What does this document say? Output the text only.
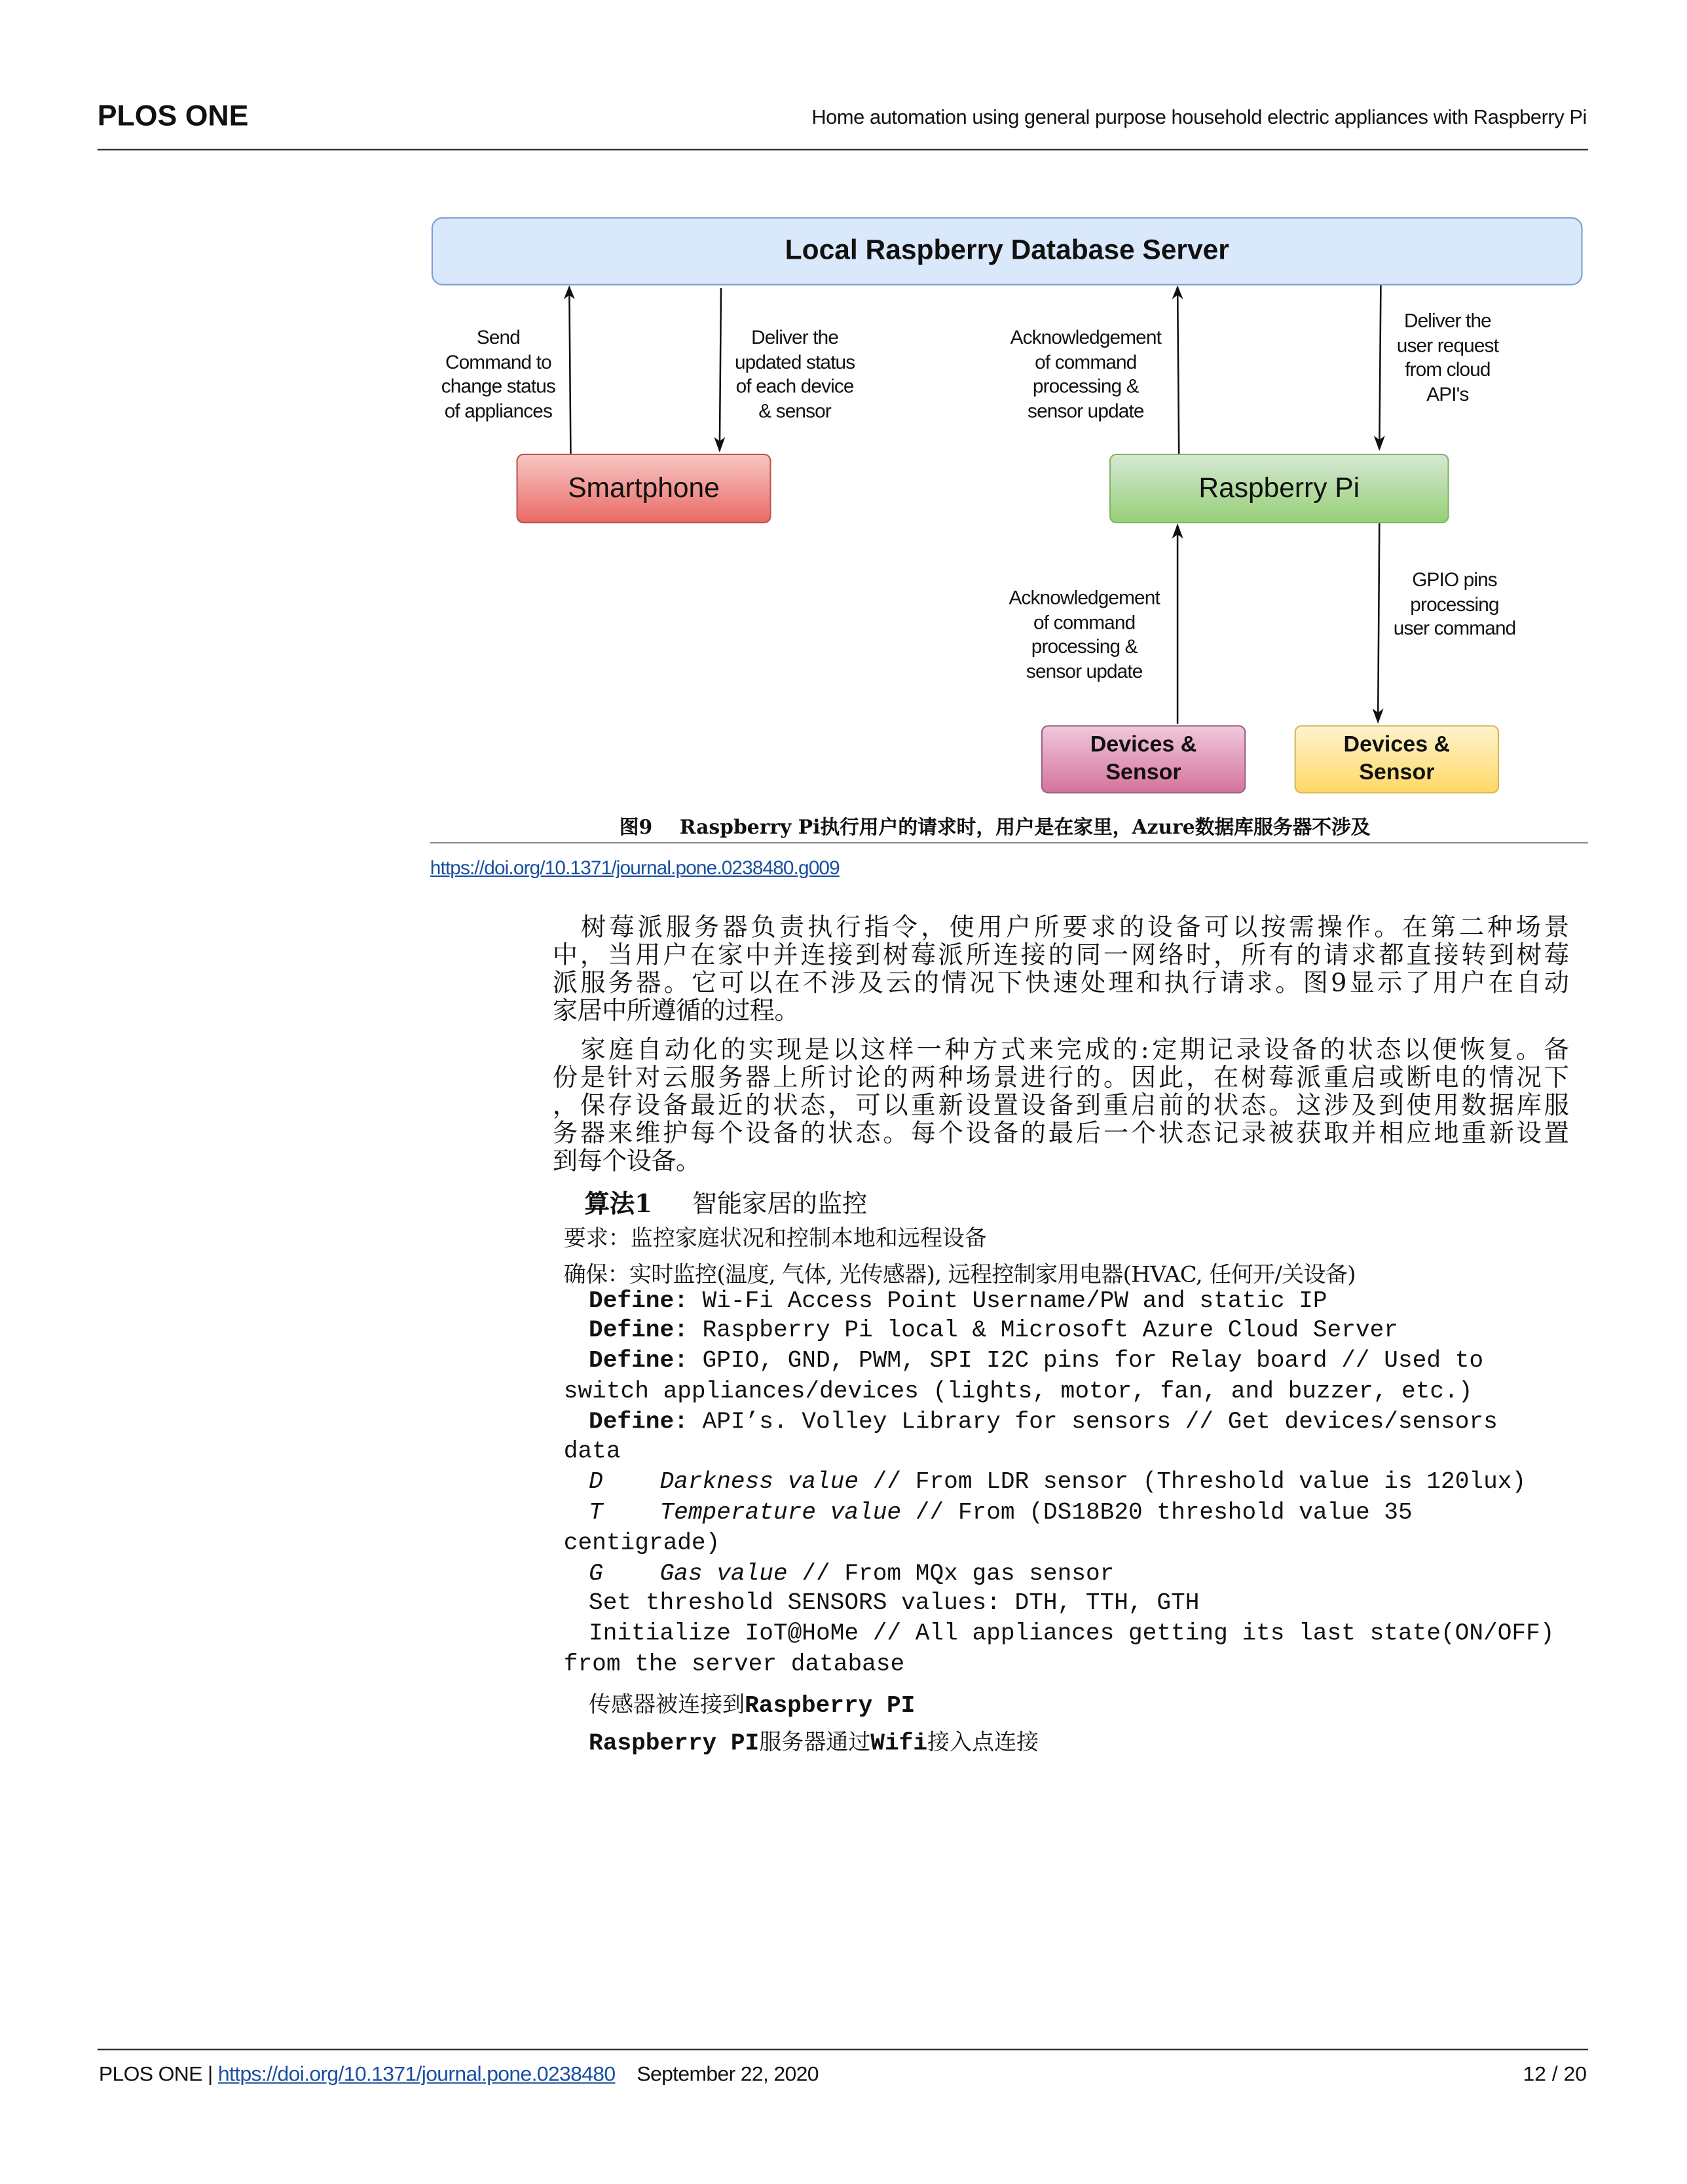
PLOS ONE	Home automation using general purpose household electric appliances with Raspberry Pi
Local Raspberry Database Server
Smartphone	Raspberry Pi
Devices &
Sensor
Devices &
Sensor
Send
Command to
change status
of appliances
Deliver the
updated status
of each device
& sensor
Acknowledgement
of command
processing &
sensor update
Deliver the
user request
from cloud
API's
Acknowledgement
of command
processing &
sensor update
GPIO pins
processing
user command
图9	Raspberry Pi执行用户的请求时，用户是在家里，Azure数据库服务器不涉及
https://doi.org/10.1371/journal.pone.0238480.g009
　树莓派服务器负责执行指令，使用户所要求的设备可以按需操作。在第二种场景
中，当用户在家中并连接到树莓派所连接的同一网络时，所有的请求都直接转到树莓
派服务器。它可以在不涉及云的情况下快速处理和执行请求。图9显示了用户在自动
家居中所遵循的过程。
　家庭自动化的实现是以这样一种方式来完成的:定期记录设备的状态以便恢复。备
份是针对云服务器上所讨论的两种场景进行的。因此，在树莓派重启或断电的情况下
，保存设备最近的状态，可以重新设置设备到重启前的状态。这涉及到使用数据库服
务器来维护每个设备的状态。每个设备的最后一个状态记录被获取并相应地重新设置
到每个设备。
算法1	智能家居的监控
要求：监控家庭状况和控制本地和远程设备
确保：实时监控(温度, 气体, 光传感器), 远程控制家用电器(HVAC, 任何开/关设备)
Define: Wi-Fi Access Point Username/PW and static IP
Define: Raspberry Pi local & Microsoft Azure Cloud Server
Define: GPIO, GND, PWM, SPI I2C pins for Relay board // Used to
switch appliances/devices (lights, motor, fan, and buzzer, etc.)
Define: API’s. Volley Library for sensors // Get devices/sensors
data
D	Darkness value // From LDR sensor (Threshold value is 120lux)
T	Temperature value // From (DS18B20 threshold value 35
centigrade)
G	Gas value // From MQx gas sensor
Set threshold SENSORS values: DTH, TTH, GTH
Initialize IoT@HoMe // All appliances getting its last state(ON/OFF)
from the server database
传感器被连接到Raspberry PI
Raspberry PI服务器通过Wifi接入点连接
PLOS ONE | https://doi.org/10.1371/journal.pone.0238480 September 22, 2020	12 / 20
